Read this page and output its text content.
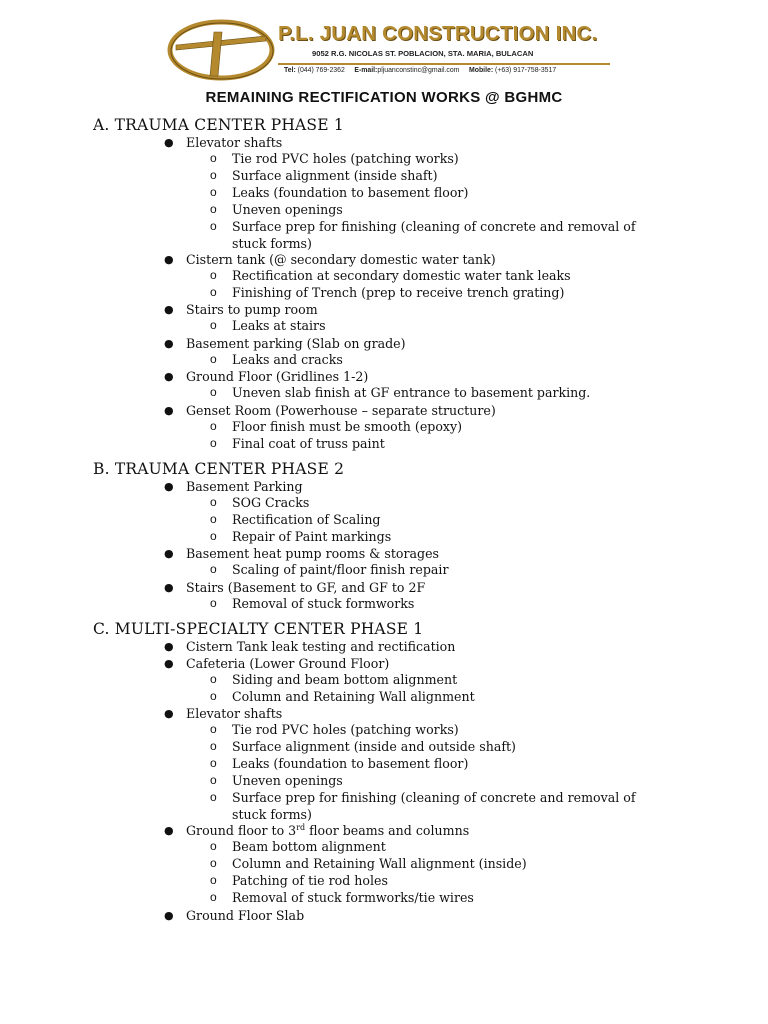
P.L. JUAN CONSTRUCTION INC.
9052 R.G. NICOLAS ST. POBLACION, STA. MARIA, BULACAN
Tel: (044) 769-2362 E-mail:pljuanconstinc@gmail.com Mobile: (+63) 917-758-3517
REMAINING RECTIFICATION WORKS @ BGHMC
A. TRAUMA CENTER PHASE 1
● Elevator shafts
o Tie rod PVC holes (patching works)
o Surface alignment (inside shaft)
o Leaks (foundation to basement floor)
o Uneven openings
o Surface prep for finishing (cleaning of concrete and removal of
stuck forms)
● Cistern tank (@ secondary domestic water tank)
o Rectification at secondary domestic water tank leaks
o Finishing of Trench (prep to receive trench grating)
● Stairs to pump room
o Leaks at stairs
● Basement parking (Slab on grade)
o Leaks and cracks
● Ground Floor (Gridlines 1-2)
o Uneven slab finish at GF entrance to basement parking.
● Genset Room (Powerhouse – separate structure)
o Floor finish must be smooth (epoxy)
o Final coat of truss paint
B. TRAUMA CENTER PHASE 2
● Basement Parking
o SOG Cracks
o Rectification of Scaling
o Repair of Paint markings
● Basement heat pump rooms & storages
o Scaling of paint/floor finish repair
● Stairs (Basement to GF, and GF to 2F
o Removal of stuck formworks
C. MULTI-SPECIALTY CENTER PHASE 1
● Cistern Tank leak testing and rectification
● Cafeteria (Lower Ground Floor)
o Siding and beam bottom alignment
o Column and Retaining Wall alignment
● Elevator shafts
o Tie rod PVC holes (patching works)
o Surface alignment (inside and outside shaft)
o Leaks (foundation to basement floor)
o Uneven openings
o Surface prep for finishing (cleaning of concrete and removal of
stuck forms)
● Ground floor to 3rd floor beams and columns
o Beam bottom alignment
o Column and Retaining Wall alignment (inside)
o Patching of tie rod holes
o Removal of stuck formworks/tie wires
● Ground Floor Slab
